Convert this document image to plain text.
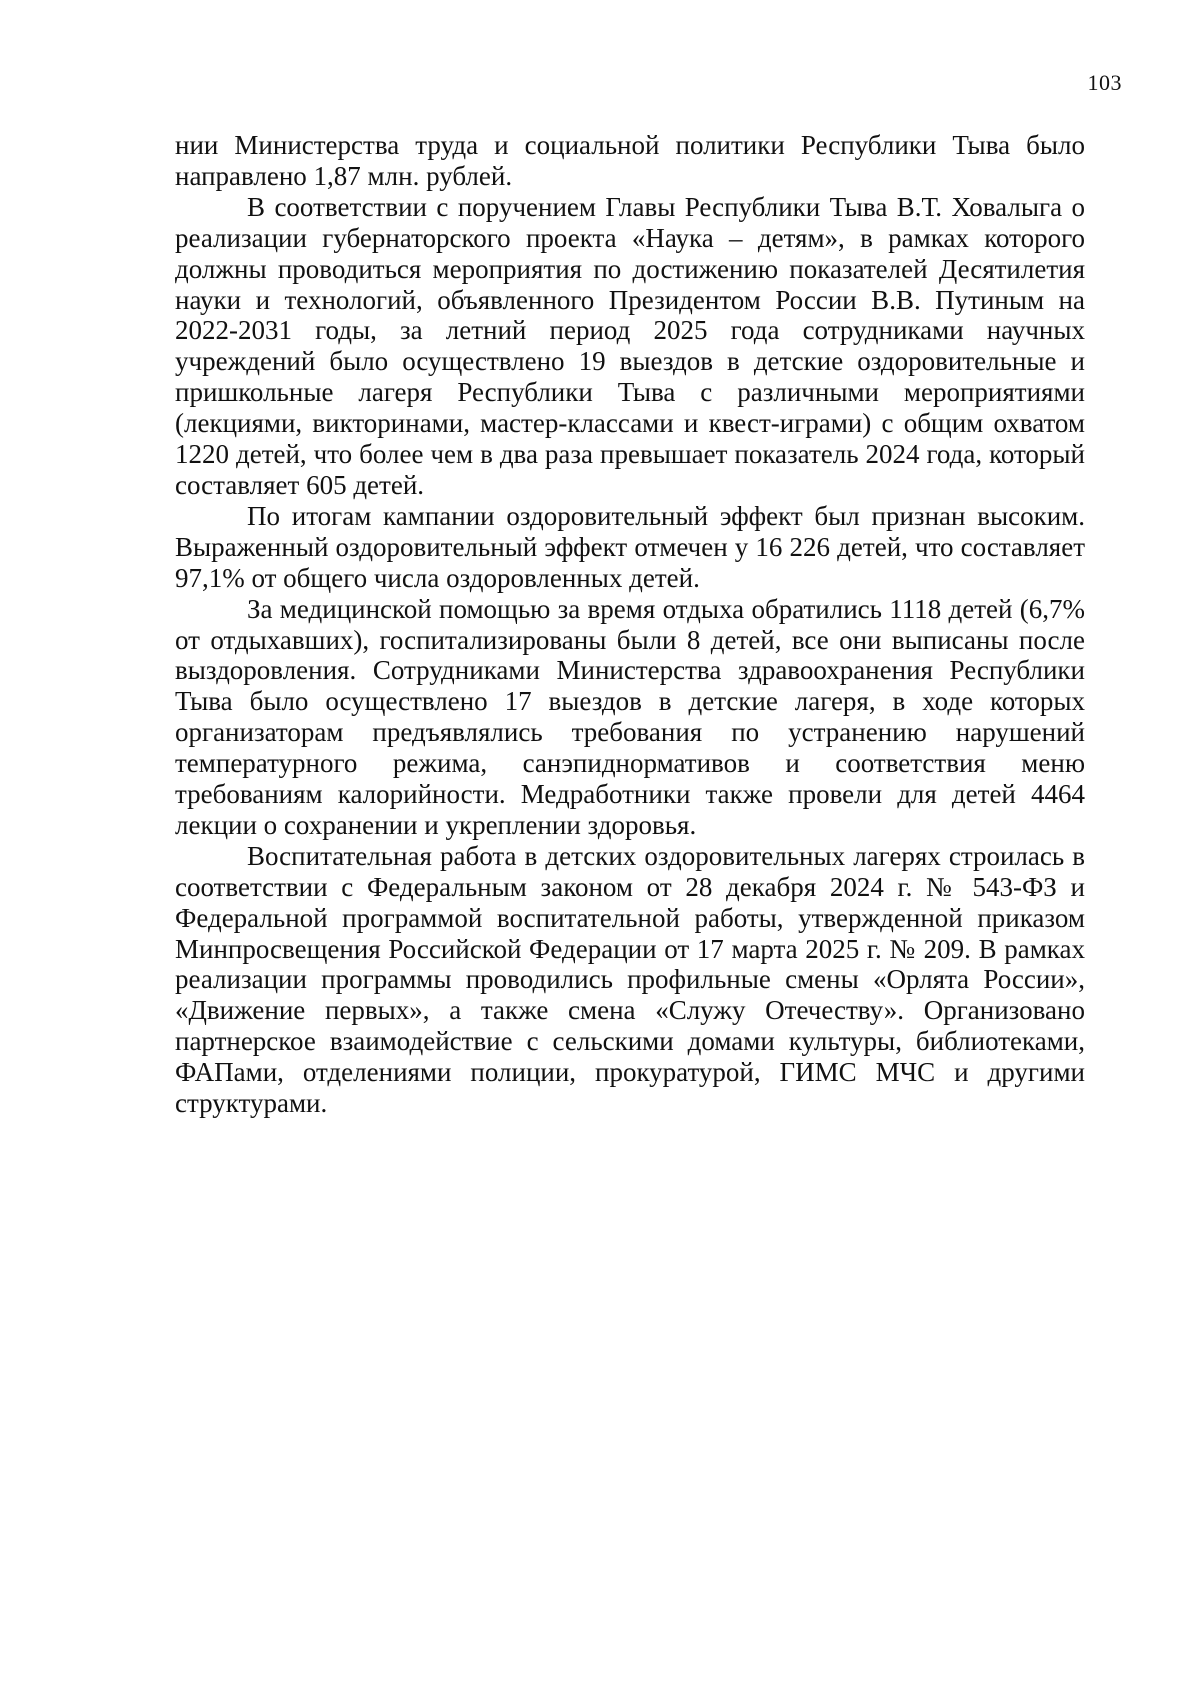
103

нии Министерства труда и социальной политики Республики Тыва было направлено 1,87 млн. рублей.

В соответствии с поручением Главы Республики Тыва В.Т. Ховалыга о реализации губернаторского проекта «Наука – детям», в рамках которого должны проводиться мероприятия по достижению показателей Десятилетия науки и технологий, объявленного Президентом России В.В. Путиным на 2022-2031 годы, за летний период 2025 года сотрудниками научных учреждений было осуществлено 19 выездов в детские оздоровительные и пришкольные лагеря Республики Тыва с различными мероприятиями (лекциями, викторинами, мастер-классами и квест-играми) с общим охватом 1220 детей, что более чем в два раза превышает показатель 2024 года, который составляет 605 детей.

По итогам кампании оздоровительный эффект был признан высоким. Выраженный оздоровительный эффект отмечен у 16 226 детей, что составляет 97,1% от общего числа оздоровленных детей.

За медицинской помощью за время отдыха обратились 1118 детей (6,7% от отдыхавших), госпитализированы были 8 детей, все они выписаны после выздоровления. Сотрудниками Министерства здравоохранения Республики Тыва было осуществлено 17 выездов в детские лагеря, в ходе которых организаторам предъявлялись требования по устранению нарушений температурного режима, санэпиднормативов и соответствия меню требованиям калорийности. Медработники также провели для детей 4464 лекции о сохранении и укреплении здоровья.

Воспитательная работа в детских оздоровительных лагерях строилась в соответствии с Федеральным законом от 28 декабря 2024 г. № 543-ФЗ и Федеральной программой воспитательной работы, утвержденной приказом Минпросвещения Российской Федерации от 17 марта 2025 г. № 209. В рамках реализации программы проводились профильные смены «Орлята России», «Движение первых», а также смена «Служу Отечеству». Организовано партнерское взаимодействие с сельскими домами культуры, библиотеками, ФАПами, отделениями полиции, прокуратурой, ГИМС МЧС и другими структурами.
